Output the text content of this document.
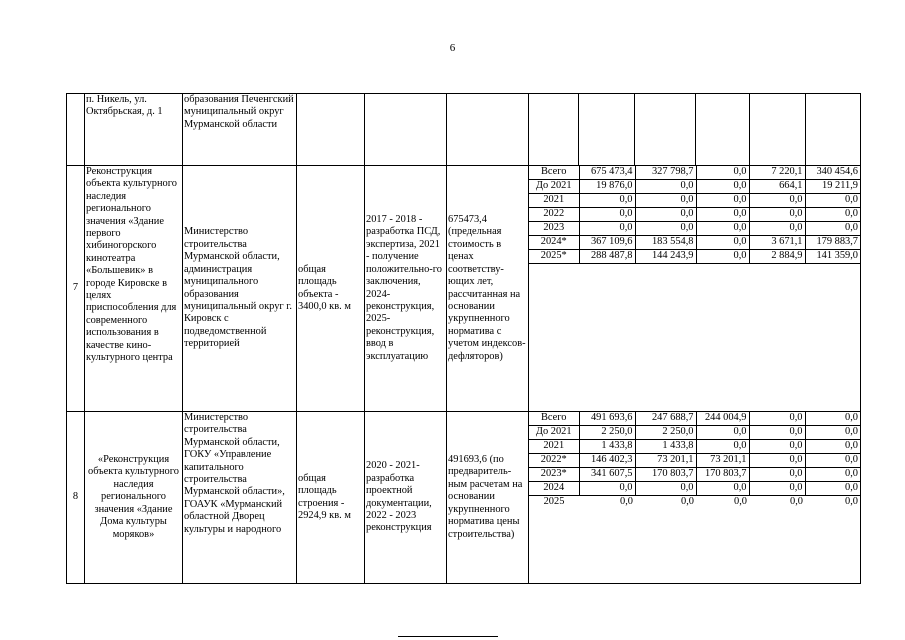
6
	п. Никель, ул. Октябрьская, д. 1	образования Печенгский муниципальный округ Мурманской области									
7	Реконструкция объекта культурного наследия регионального значения «Здание первого хибиногорского кинотеатра «Большевик» в городе Кировске в целях приспособления для современного использования в качестве кино-культурного центра	Министерство строительства Мурманской области, администрация муниципального образования муниципальный округ г. Кировск с подведомственной территорией	общая площадь объекта - 3400,0 кв. м	2017 - 2018 - разработка ПСД, экспертиза, 2021 - получение положительно-го заключения, 2024-реконструкция, 2025-реконструкция, ввод в эксплуатацию	675473,4 (предельная стоимость в ценах соответству-ющих лет, рассчитанная на основании укрупненного норматива с учетом индексов-дефляторов)	
Всего	675 473,4	327 798,7	0,0	7 220,1	340 454,6
До 2021	19 876,0	0,0	0,0	664,1	19 211,9
2021	0,0	0,0	0,0	0,0	0,0
2022	0,0	0,0	0,0	0,0	0,0
2023	0,0	0,0	0,0	0,0	0,0
2024*	367 109,6	183 554,8	0,0	3 671,1	179 883,7
2025*	288 487,8	144 243,9	0,0	2 884,9	141 359,0

8	«Реконструкция объекта культурного наследия регионального значения «Здание Дома культуры моряков»	Министерство строительства Мурманской области, ГОКУ «Управление капитального строительства Мурманской области», ГОАУК «Мурманский областной Дворец культуры и народного	общая площадь строения - 2924,9 кв. м	2020 - 2021- разработка проектной документации, 2022 - 2023 реконструкция	491693,6 (по предваритель-ным расчетам на основании укрупненного норматива цены строительства)	
Всего	491 693,6	247 688,7	244 004,9	0,0	0,0
До 2021	2 250,0	2 250,0	0,0	0,0	0,0
2021	1 433,8	1 433,8	0,0	0,0	0,0
2022*	146 402,3	73 201,1	73 201,1	0,0	0,0
2023*	341 607,5	170 803,7	170 803,7	0,0	0,0
2024	0,0	0,0	0,0	0,0	0,0
2025	0,0	0,0	0,0	0,0	0,0
